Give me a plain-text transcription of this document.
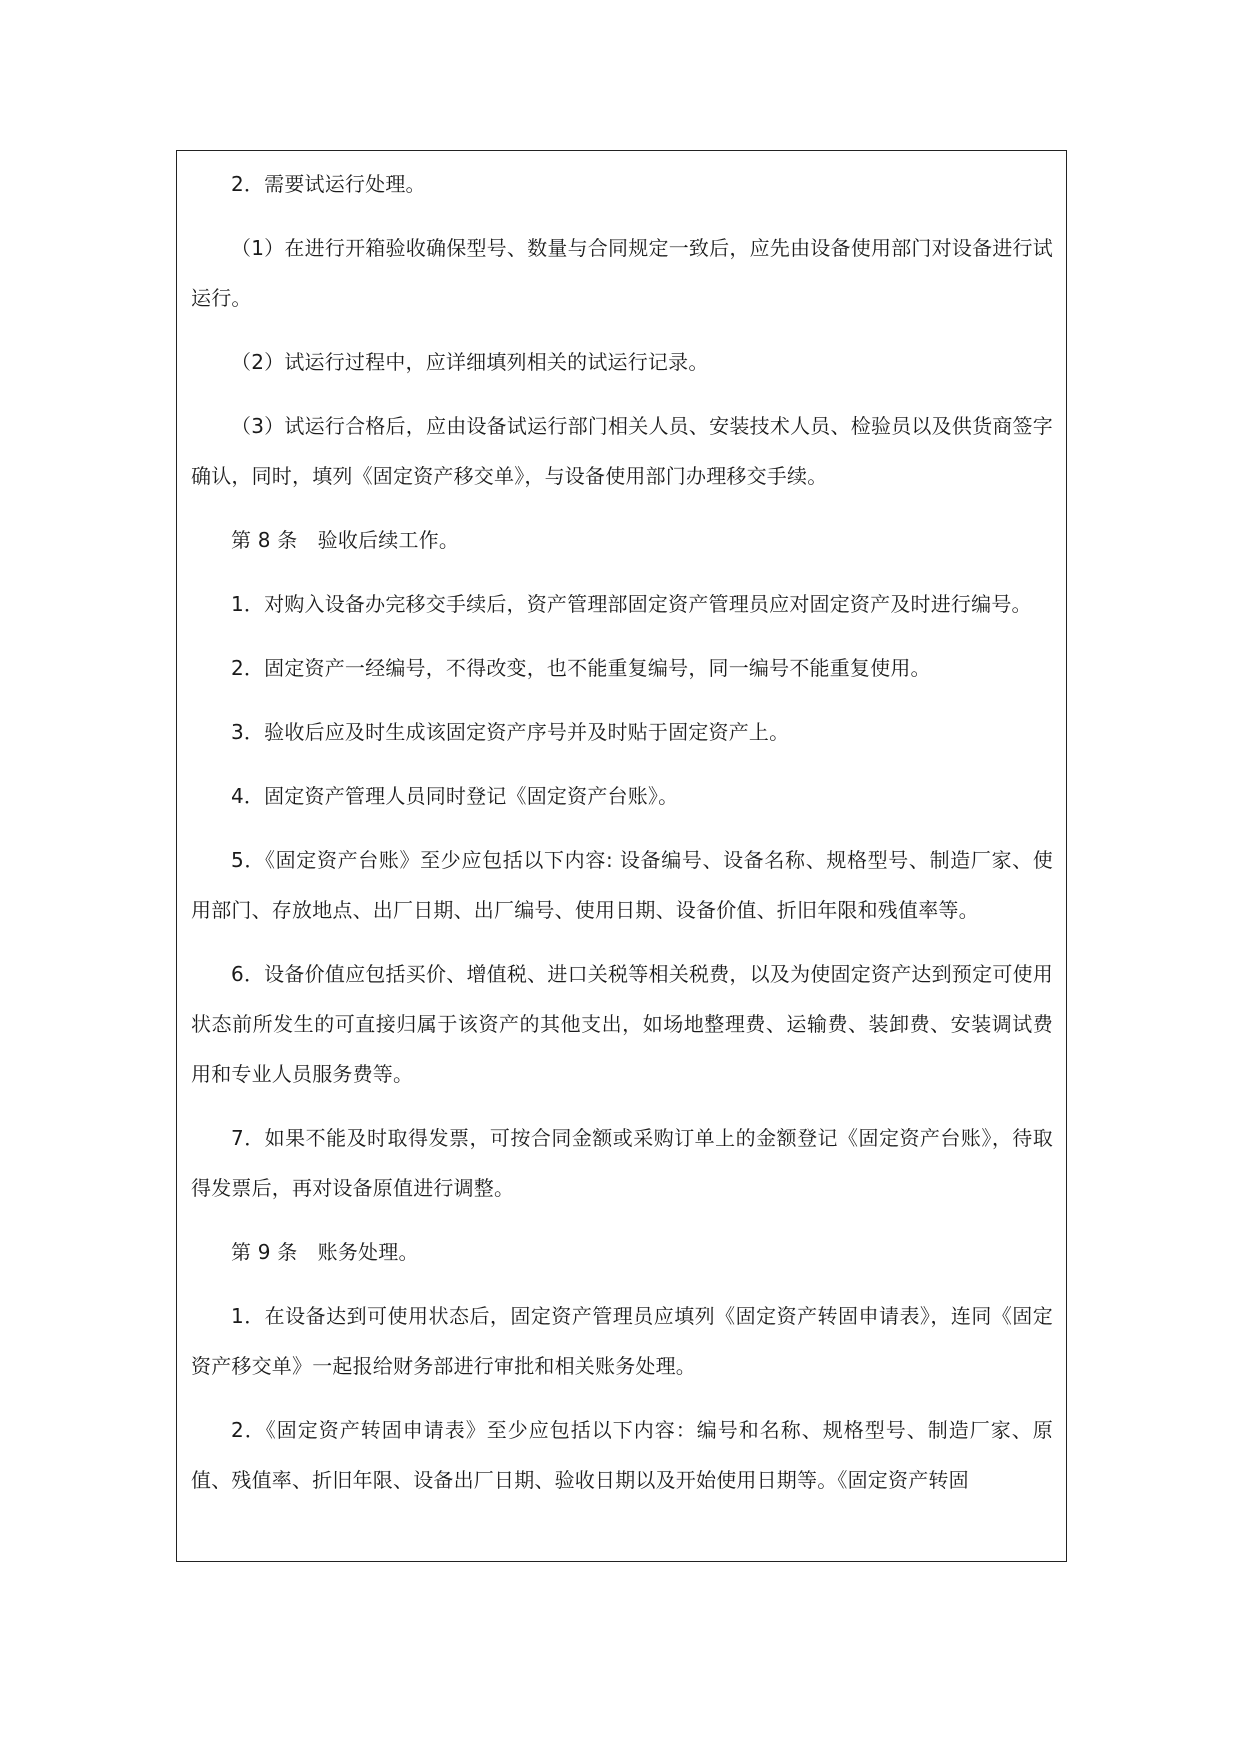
2．需要试运行处理。

（1）在进行开箱验收确保型号、数量与合同规定一致后，应先由设备使用部门对设备进行试运行。

（2）试运行过程中，应详细填列相关的试运行记录。

（3）试运行合格后，应由设备试运行部门相关人员、安装技术人员、检验员以及供货商签字确认，同时，填列《固定资产移交单》，与设备使用部门办理移交手续。

第 8 条　验收后续工作。

1．对购入设备办完移交手续后，资产管理部固定资产管理员应对固定资产及时进行编号。

2．固定资产一经编号，不得改变，也不能重复编号，同一编号不能重复使用。

3．验收后应及时生成该固定资产序号并及时贴于固定资产上。

4．固定资产管理人员同时登记《固定资产台账》。

5．《固定资产台账》至少应包括以下内容: 设备编号、设备名称、规格型号、制造厂家、使用部门、存放地点、出厂日期、出厂编号、使用日期、设备价值、折旧年限和残值率等。

6．设备价值应包括买价、增值税、进口关税等相关税费，以及为使固定资产达到预定可使用状态前所发生的可直接归属于该资产的其他支出，如场地整理费、运输费、装卸费、安装调试费用和专业人员服务费等。

7．如果不能及时取得发票，可按合同金额或采购订单上的金额登记《固定资产台账》，待取得发票后，再对设备原值进行调整。

第 9 条　账务处理。

1．在设备达到可使用状态后，固定资产管理员应填列《固定资产转固申请表》，连同《固定资产移交单》一起报给财务部进行审批和相关账务处理。

2．《固定资产转固申请表》至少应包括以下内容：编号和名称、规格型号、制造厂家、原值、残值率、折旧年限、设备出厂日期、验收日期以及开始使用日期等。《固定资产转固
